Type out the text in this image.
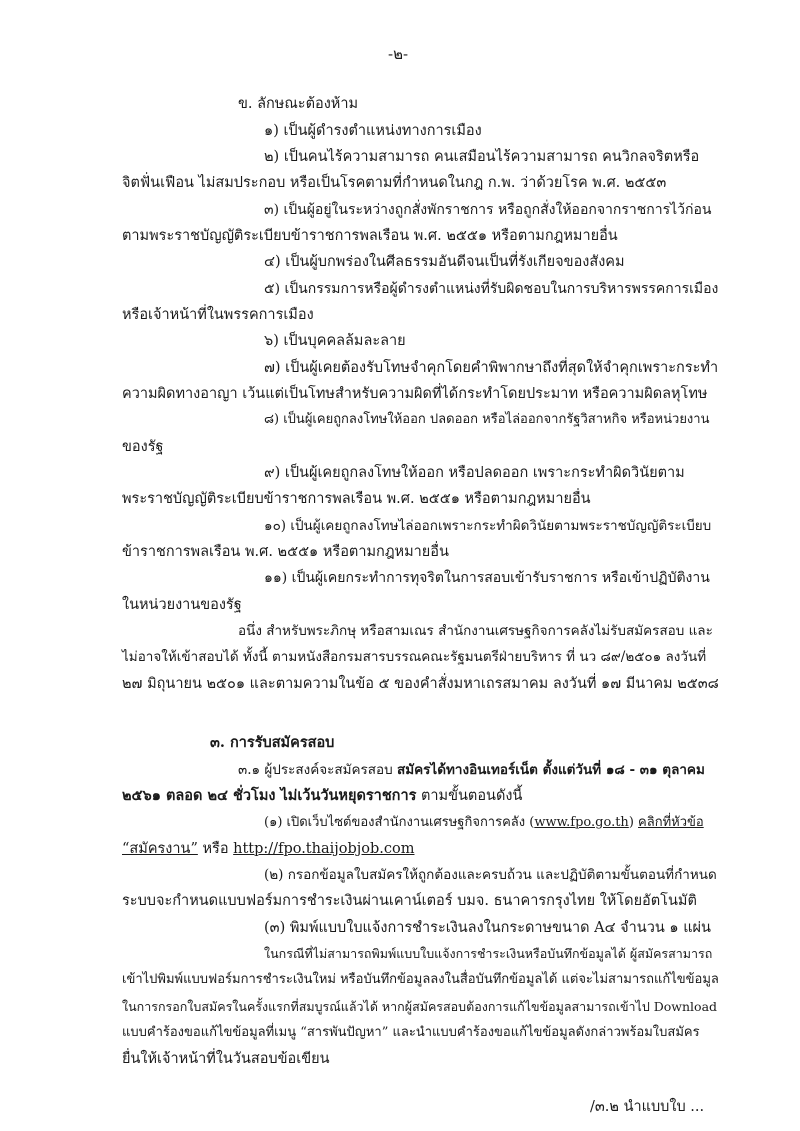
-๒-

ข. ลักษณะต้องห้าม

๑) เป็นผู้ดำรงตำแหน่งทางการเมือง

๒) เป็นคนไร้ความสามารถ คนเสมือนไร้ความสามารถ คนวิกลจริตหรือ

จิตฟั่นเฟือน ไม่สมประกอบ หรือเป็นโรคตามที่กำหนดในกฎ ก.พ. ว่าด้วยโรค พ.ศ. ๒๕๕๓

๓) เป็นผู้อยู่ในระหว่างถูกสั่งพักราชการ หรือถูกสั่งให้ออกจากราชการไว้ก่อน

ตามพระราชบัญญัติระเบียบข้าราชการพลเรือน พ.ศ. ๒๕๕๑ หรือตามกฎหมายอื่น

๔) เป็นผู้บกพร่องในศีลธรรมอันดีจนเป็นที่รังเกียจของสังคม

๕) เป็นกรรมการหรือผู้ดำรงตำแหน่งที่รับผิดชอบในการบริหารพรรคการเมือง

หรือเจ้าหน้าที่ในพรรคการเมือง

๖) เป็นบุคคลล้มละลาย

๗) เป็นผู้เคยต้องรับโทษจำคุกโดยคำพิพากษาถึงที่สุดให้จำคุกเพราะกระทำ

ความผิดทางอาญา เว้นแต่เป็นโทษสำหรับความผิดที่ได้กระทำโดยประมาท หรือความผิดลหุโทษ

๘) เป็นผู้เคยถูกลงโทษให้ออก ปลดออก หรือไล่ออกจากรัฐวิสาหกิจ หรือหน่วยงาน

ของรัฐ

๙) เป็นผู้เคยถูกลงโทษให้ออก หรือปลดออก เพราะกระทำผิดวินัยตาม

พระราชบัญญัติระเบียบข้าราชการพลเรือน พ.ศ. ๒๕๕๑ หรือตามกฎหมายอื่น

๑๐) เป็นผู้เคยถูกลงโทษไล่ออกเพราะกระทำผิดวินัยตามพระราชบัญญัติระเบียบ

ข้าราชการพลเรือน พ.ศ. ๒๕๕๑ หรือตามกฎหมายอื่น

๑๑) เป็นผู้เคยกระทำการทุจริตในการสอบเข้ารับราชการ หรือเข้าปฏิบัติงาน

ในหน่วยงานของรัฐ

อนึ่ง สำหรับพระภิกษุ หรือสามเณร สำนักงานเศรษฐกิจการคลังไม่รับสมัครสอบ และ

ไม่อาจให้เข้าสอบได้ ทั้งนี้ ตามหนังสือกรมสารบรรณคณะรัฐมนตรีฝ่ายบริหาร ที่ นว ๘๙/๒๕๐๑ ลงวันที่

๒๗ มิถุนายน ๒๕๐๑ และตามความในข้อ ๕ ของคำสั่งมหาเถรสมาคม ลงวันที่ ๑๗ มีนาคม ๒๕๓๘

๓. การรับสมัครสอบ

๓.๑ ผู้ประสงค์จะสมัครสอบ สมัครได้ทางอินเทอร์เน็ต ตั้งแต่วันที่ ๑๘ - ๓๑ ตุลาคม

๒๕๖๑ ตลอด ๒๔ ชั่วโมง ไม่เว้นวันหยุดราชการ ตามขั้นตอนดังนี้

(๑) เปิดเว็บไซต์ของสำนักงานเศรษฐกิจการคลัง (www.fpo.go.th) คลิกที่หัวข้อ

“สมัครงาน” หรือ http://fpo.thaijobjob.com

(๒) กรอกข้อมูลใบสมัครให้ถูกต้องและครบถ้วน และปฏิบัติตามขั้นตอนที่กำหนด

ระบบจะกำหนดแบบฟอร์มการชำระเงินผ่านเคาน์เตอร์ บมจ. ธนาคารกรุงไทย ให้โดยอัตโนมัติ

(๓) พิมพ์แบบใบแจ้งการชำระเงินลงในกระดาษขนาด A๔ จำนวน ๑ แผ่น

ในกรณีที่ไม่สามารถพิมพ์แบบใบแจ้งการชำระเงินหรือบันทึกข้อมูลได้ ผู้สมัครสามารถ

เข้าไปพิมพ์แบบฟอร์มการชำระเงินใหม่ หรือบันทึกข้อมูลลงในสื่อบันทึกข้อมูลได้ แต่จะไม่สามารถแก้ไขข้อมูล

ในการกรอกใบสมัครในครั้งแรกที่สมบูรณ์แล้วได้ หากผู้สมัครสอบต้องการแก้ไขข้อมูลสามารถเข้าไป Download

แบบคำร้องขอแก้ไขข้อมูลที่เมนู “สารพันปัญหา” และนำแบบคำร้องขอแก้ไขข้อมูลดังกล่าวพร้อมใบสมัคร

ยื่นให้เจ้าหน้าที่ในวันสอบข้อเขียน

/๓.๒ นำแบบใบ ...
